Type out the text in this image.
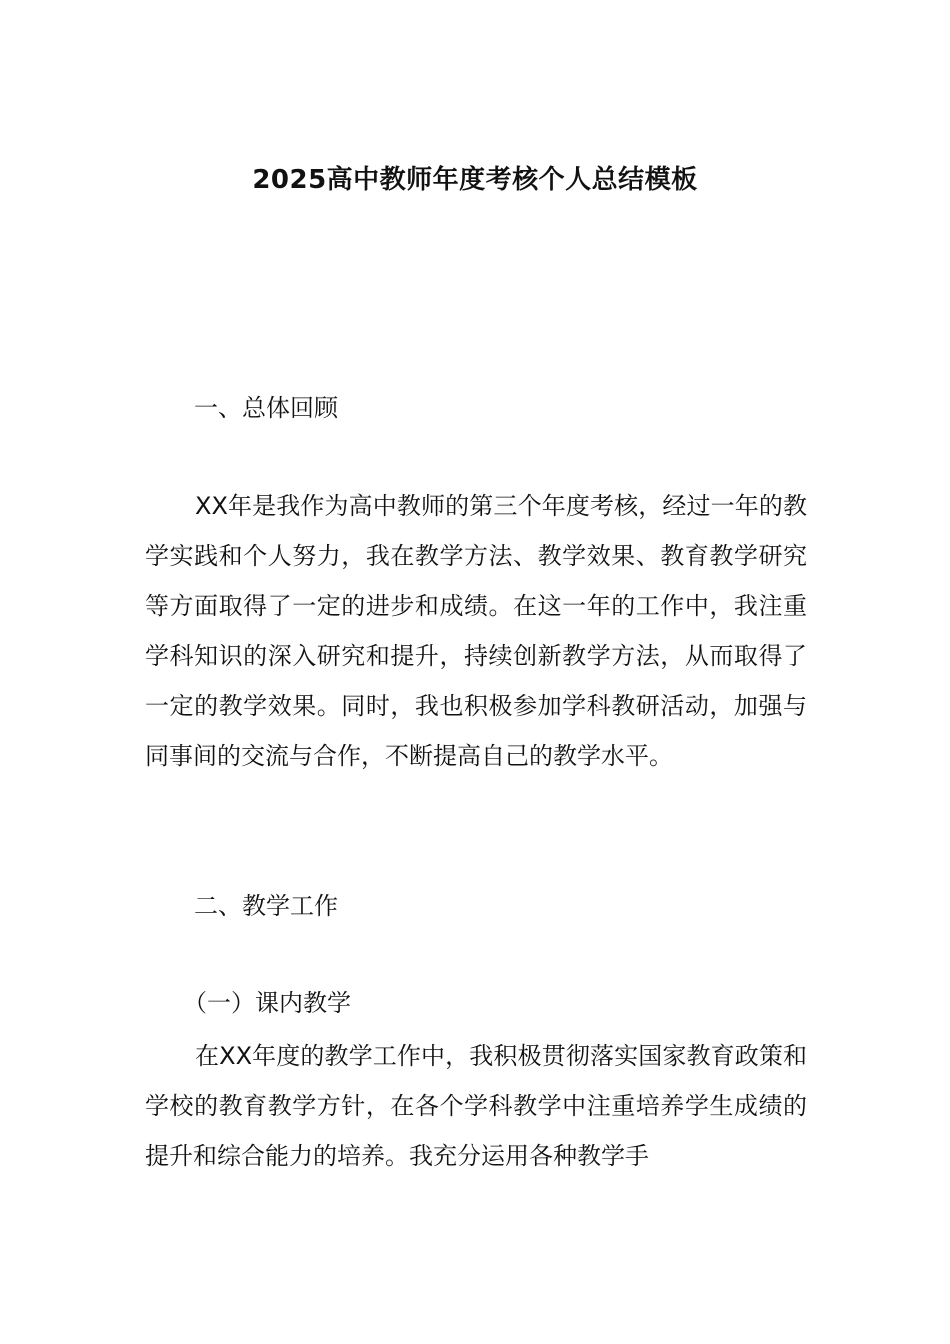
2025高中教师年度考核个人总结模板
一、总体回顾
XX年是我作为高中教师的第三个年度考核，经过一年的教学实践和个人努力，我在教学方法、教学效果、教育教学研究等方面取得了一定的进步和成绩。在这一年的工作中，我注重学科知识的深入研究和提升，持续创新教学方法，从而取得了一定的教学效果。同时，我也积极参加学科教研活动，加强与同事间的交流与合作，不断提高自己的教学水平。
二、教学工作
（一）课内教学
在XX年度的教学工作中，我积极贯彻落实国家教育政策和学校的教育教学方针，在各个学科教学中注重培养学生成绩的提升和综合能力的培养。我充分运用各种教学手
